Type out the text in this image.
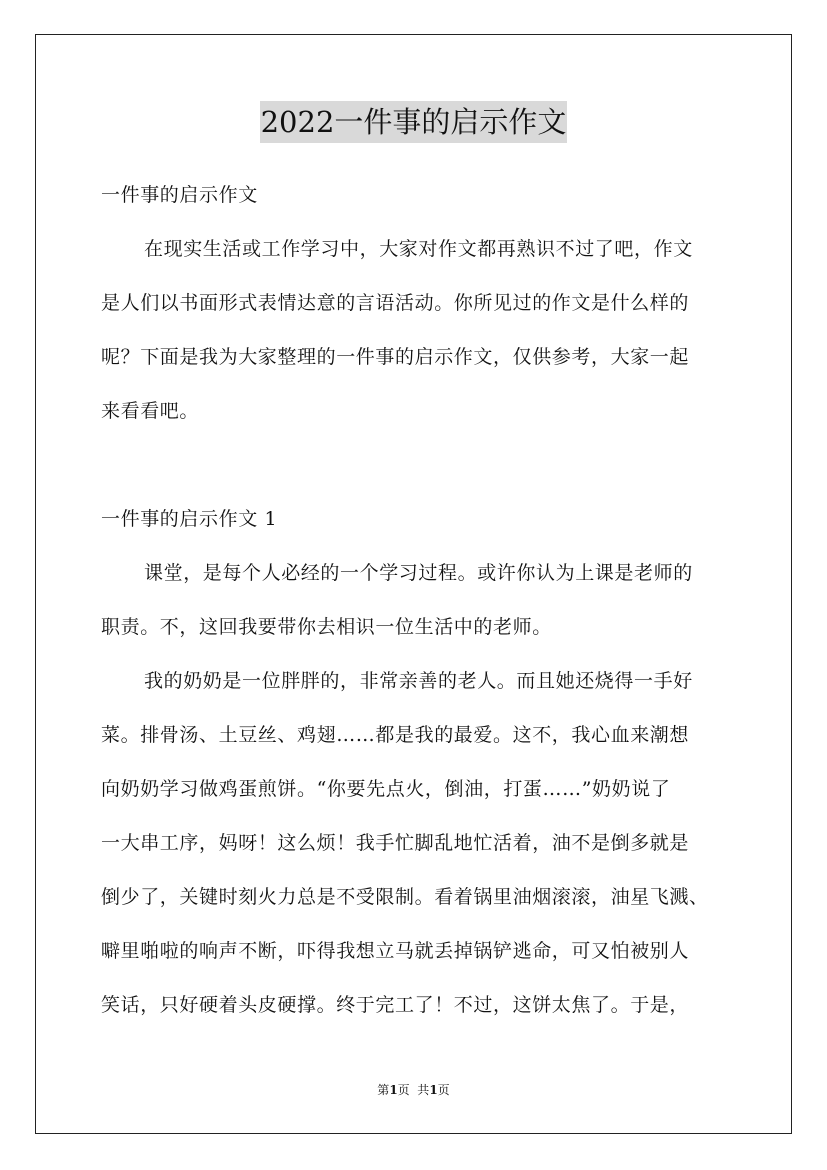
2022一件事的启示作文
一件事的启示作文
在现实生活或工作学习中，大家对作文都再熟识不过了吧，作文
是人们以书面形式表情达意的言语活动。你所见过的作文是什么样的
呢？下面是我为大家整理的一件事的启示作文，仅供参考，大家一起
来看看吧。
一件事的启示作文 1
课堂，是每个人必经的一个学习过程。或许你认为上课是老师的
职责。不，这回我要带你去相识一位生活中的老师。
我的奶奶是一位胖胖的，非常亲善的老人。而且她还烧得一手好
菜。排骨汤、土豆丝、鸡翅……都是我的最爱。这不，我心血来潮想
向奶奶学习做鸡蛋煎饼。“你要先点火，倒油，打蛋……”奶奶说了
一大串工序，妈呀！这么烦！我手忙脚乱地忙活着，油不是倒多就是
倒少了，关键时刻火力总是不受限制。看着锅里油烟滚滚，油星飞溅、
噼里啪啦的响声不断，吓得我想立马就丢掉锅铲逃命，可又怕被别人
笑话，只好硬着头皮硬撑。终于完工了！不过，这饼太焦了。于是，
第1页  共1页
